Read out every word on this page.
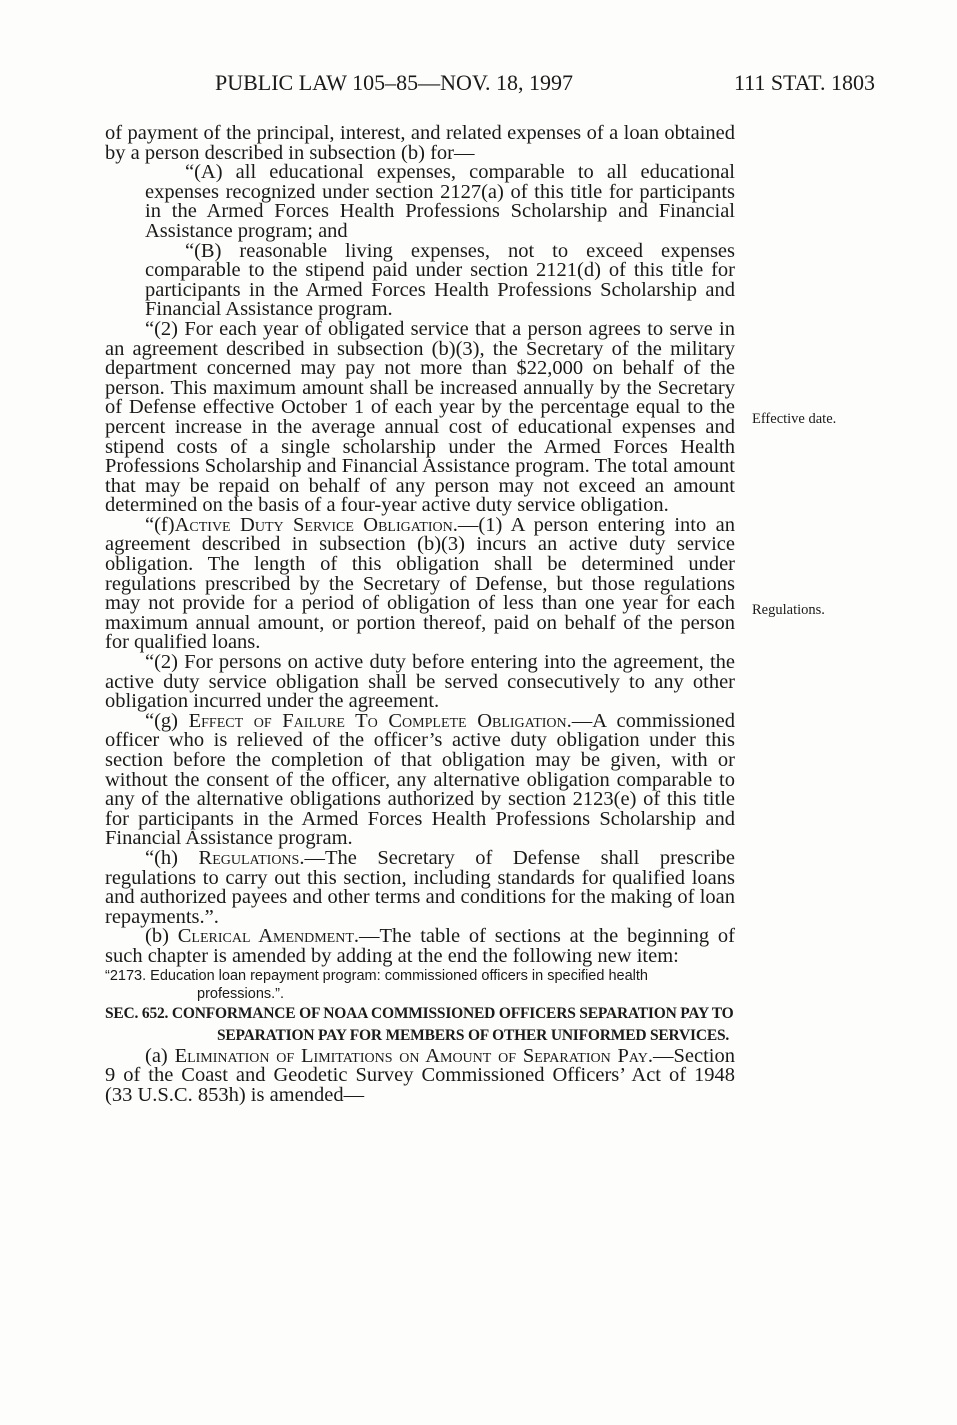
PUBLIC LAW 105–85—NOV. 18, 1997	111 STAT. 1803
Effective date.
Regulations.

of payment of the principal, interest, and related expenses of a loan obtained by a person described in subsection (b) for—

“(A) all educational expenses, comparable to all educational expenses recognized under section 2127(a) of this title for participants in the Armed Forces Health Professions Scholarship and Financial Assistance program; and

“(B) reasonable living expenses, not to exceed expenses comparable to the stipend paid under section 2121(d) of this title for participants in the Armed Forces Health Professions Scholarship and Financial Assistance program.

“(2) For each year of obligated service that a person agrees to serve in an agreement described in subsection (b)(3), the Secretary of the military department concerned may pay not more than $22,000 on behalf of the person. This maximum amount shall be increased annually by the Secretary of Defense effective October 1 of each year by the percentage equal to the percent increase in the average annual cost of educational expenses and stipend costs of a single scholarship under the Armed Forces Health Professions Scholarship and Financial Assistance program. The total amount that may be repaid on behalf of any person may not exceed an amount determined on the basis of a four-year active duty service obligation.

“(f)Active Duty Service Obligation.—(1) A person entering into an agreement described in subsection (b)(3) incurs an active duty service obligation. The length of this obligation shall be determined under regulations prescribed by the Secretary of Defense, but those regulations may not provide for a period of obligation of less than one year for each maximum annual amount, or portion thereof, paid on behalf of the person for qualified loans.

“(2) For persons on active duty before entering into the agreement, the active duty service obligation shall be served consecutively to any other obligation incurred under the agreement.

“(g) Effect of Failure To Complete Obligation.—A commissioned officer who is relieved of the officer’s active duty obligation under this section before the completion of that obligation may be given, with or without the consent of the officer, any alternative obligation comparable to any of the alternative obligations authorized by section 2123(e) of this title for participants in the Armed Forces Health Professions Scholarship and Financial Assistance program.

“(h) Regulations.—The Secretary of Defense shall prescribe regulations to carry out this section, including standards for qualified loans and authorized payees and other terms and conditions for the making of loan repayments.”.

(b) Clerical Amendment.—The table of sections at the beginning of such chapter is amended by adding at the end the following new item:

“2173. Education loan repayment program: commissioned officers in specified health professions.”.

SEC. 652. CONFORMANCE OF NOAA COMMISSIONED OFFICERS SEPARATION PAY TO SEPARATION PAY FOR MEMBERS OF OTHER UNIFORMED SERVICES.

(a) Elimination of Limitations on Amount of Separation Pay.—Section 9 of the Coast and Geodetic Survey Commissioned Officers’ Act of 1948 (33 U.S.C. 853h) is amended—
